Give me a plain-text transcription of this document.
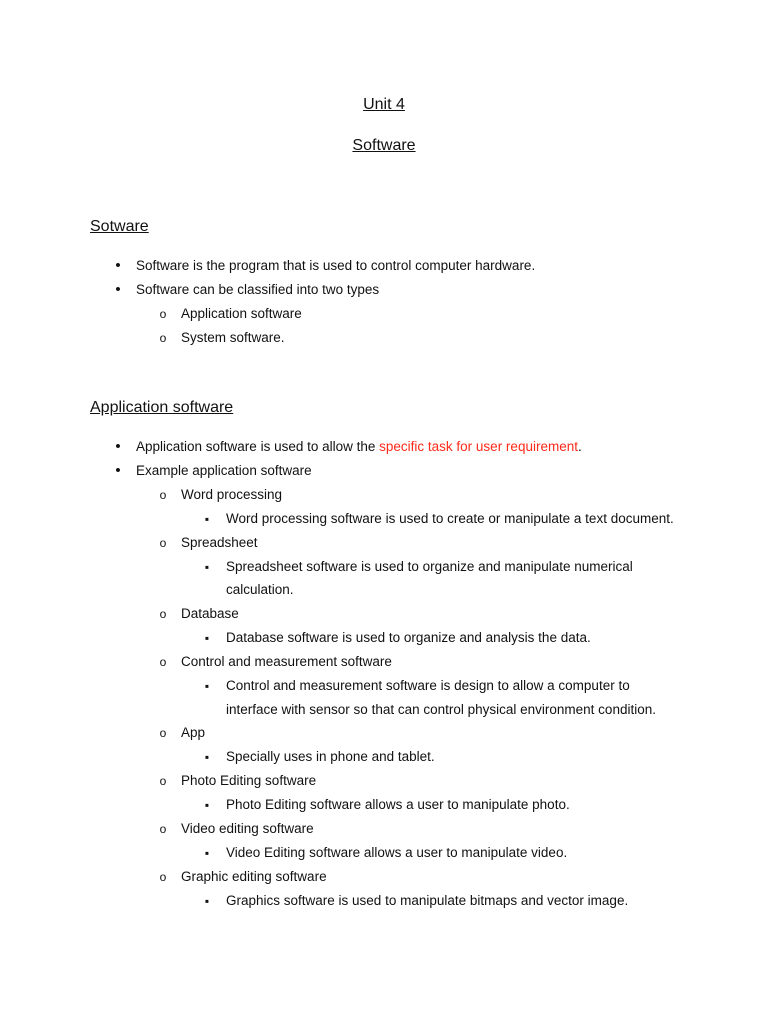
Unit 4
Software
Sotware
•
Software is the program that is used to control computer hardware.
•
Software can be classified into two types
o
Application software
o
System software.
Application software
•
Application software is used to allow the specific task for user requirement.
•
Example application software
o
Word processing
▪
Word processing software is used to create or manipulate a text document.
o
Spreadsheet
▪
Spreadsheet software is used to organize and manipulate numerical
calculation.
o
Database
▪
Database software is used to organize and analysis the data.
o
Control and measurement software
▪
Control and measurement software is design to allow a computer to
interface with sensor so that can control physical environment condition.
o
App
▪
Specially uses in phone and tablet.
o
Photo Editing software
▪
Photo Editing software allows a user to manipulate photo.
o
Video editing software
▪
Video Editing software allows a user to manipulate video.
o
Graphic editing software
▪
Graphics software is used to manipulate bitmaps and vector image.
